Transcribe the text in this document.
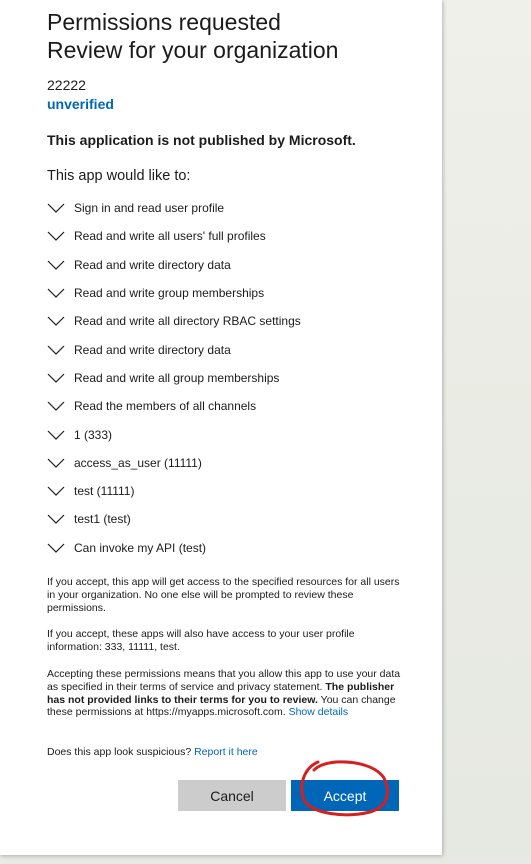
Permissions requested
Review for your organization
22222
unverified
This application is not published by Microsoft.
This app would like to:
Sign in and read user profile
Read and write all users' full profiles
Read and write directory data
Read and write group memberships
Read and write all directory RBAC settings
Read and write directory data
Read and write all group memberships
Read the members of all channels
1 (333)
access_as_user (11111)
test (11111)
test1 (test)
Can invoke my API (test)

If you accept, this app will get access to the specified resources for all users in your organization. No one else will be prompted to review these permissions.

If you accept, these apps will also have access to your user profile information: 333, 11111, test.

Accepting these permissions means that you allow this app to use your data as specified in their terms of service and privacy statement. The publisher has not provided links to their terms for you to review. You can change these permissions at https://myapps.microsoft.com. Show details

Does this app look suspicious? Report it here
Cancel	Accept
